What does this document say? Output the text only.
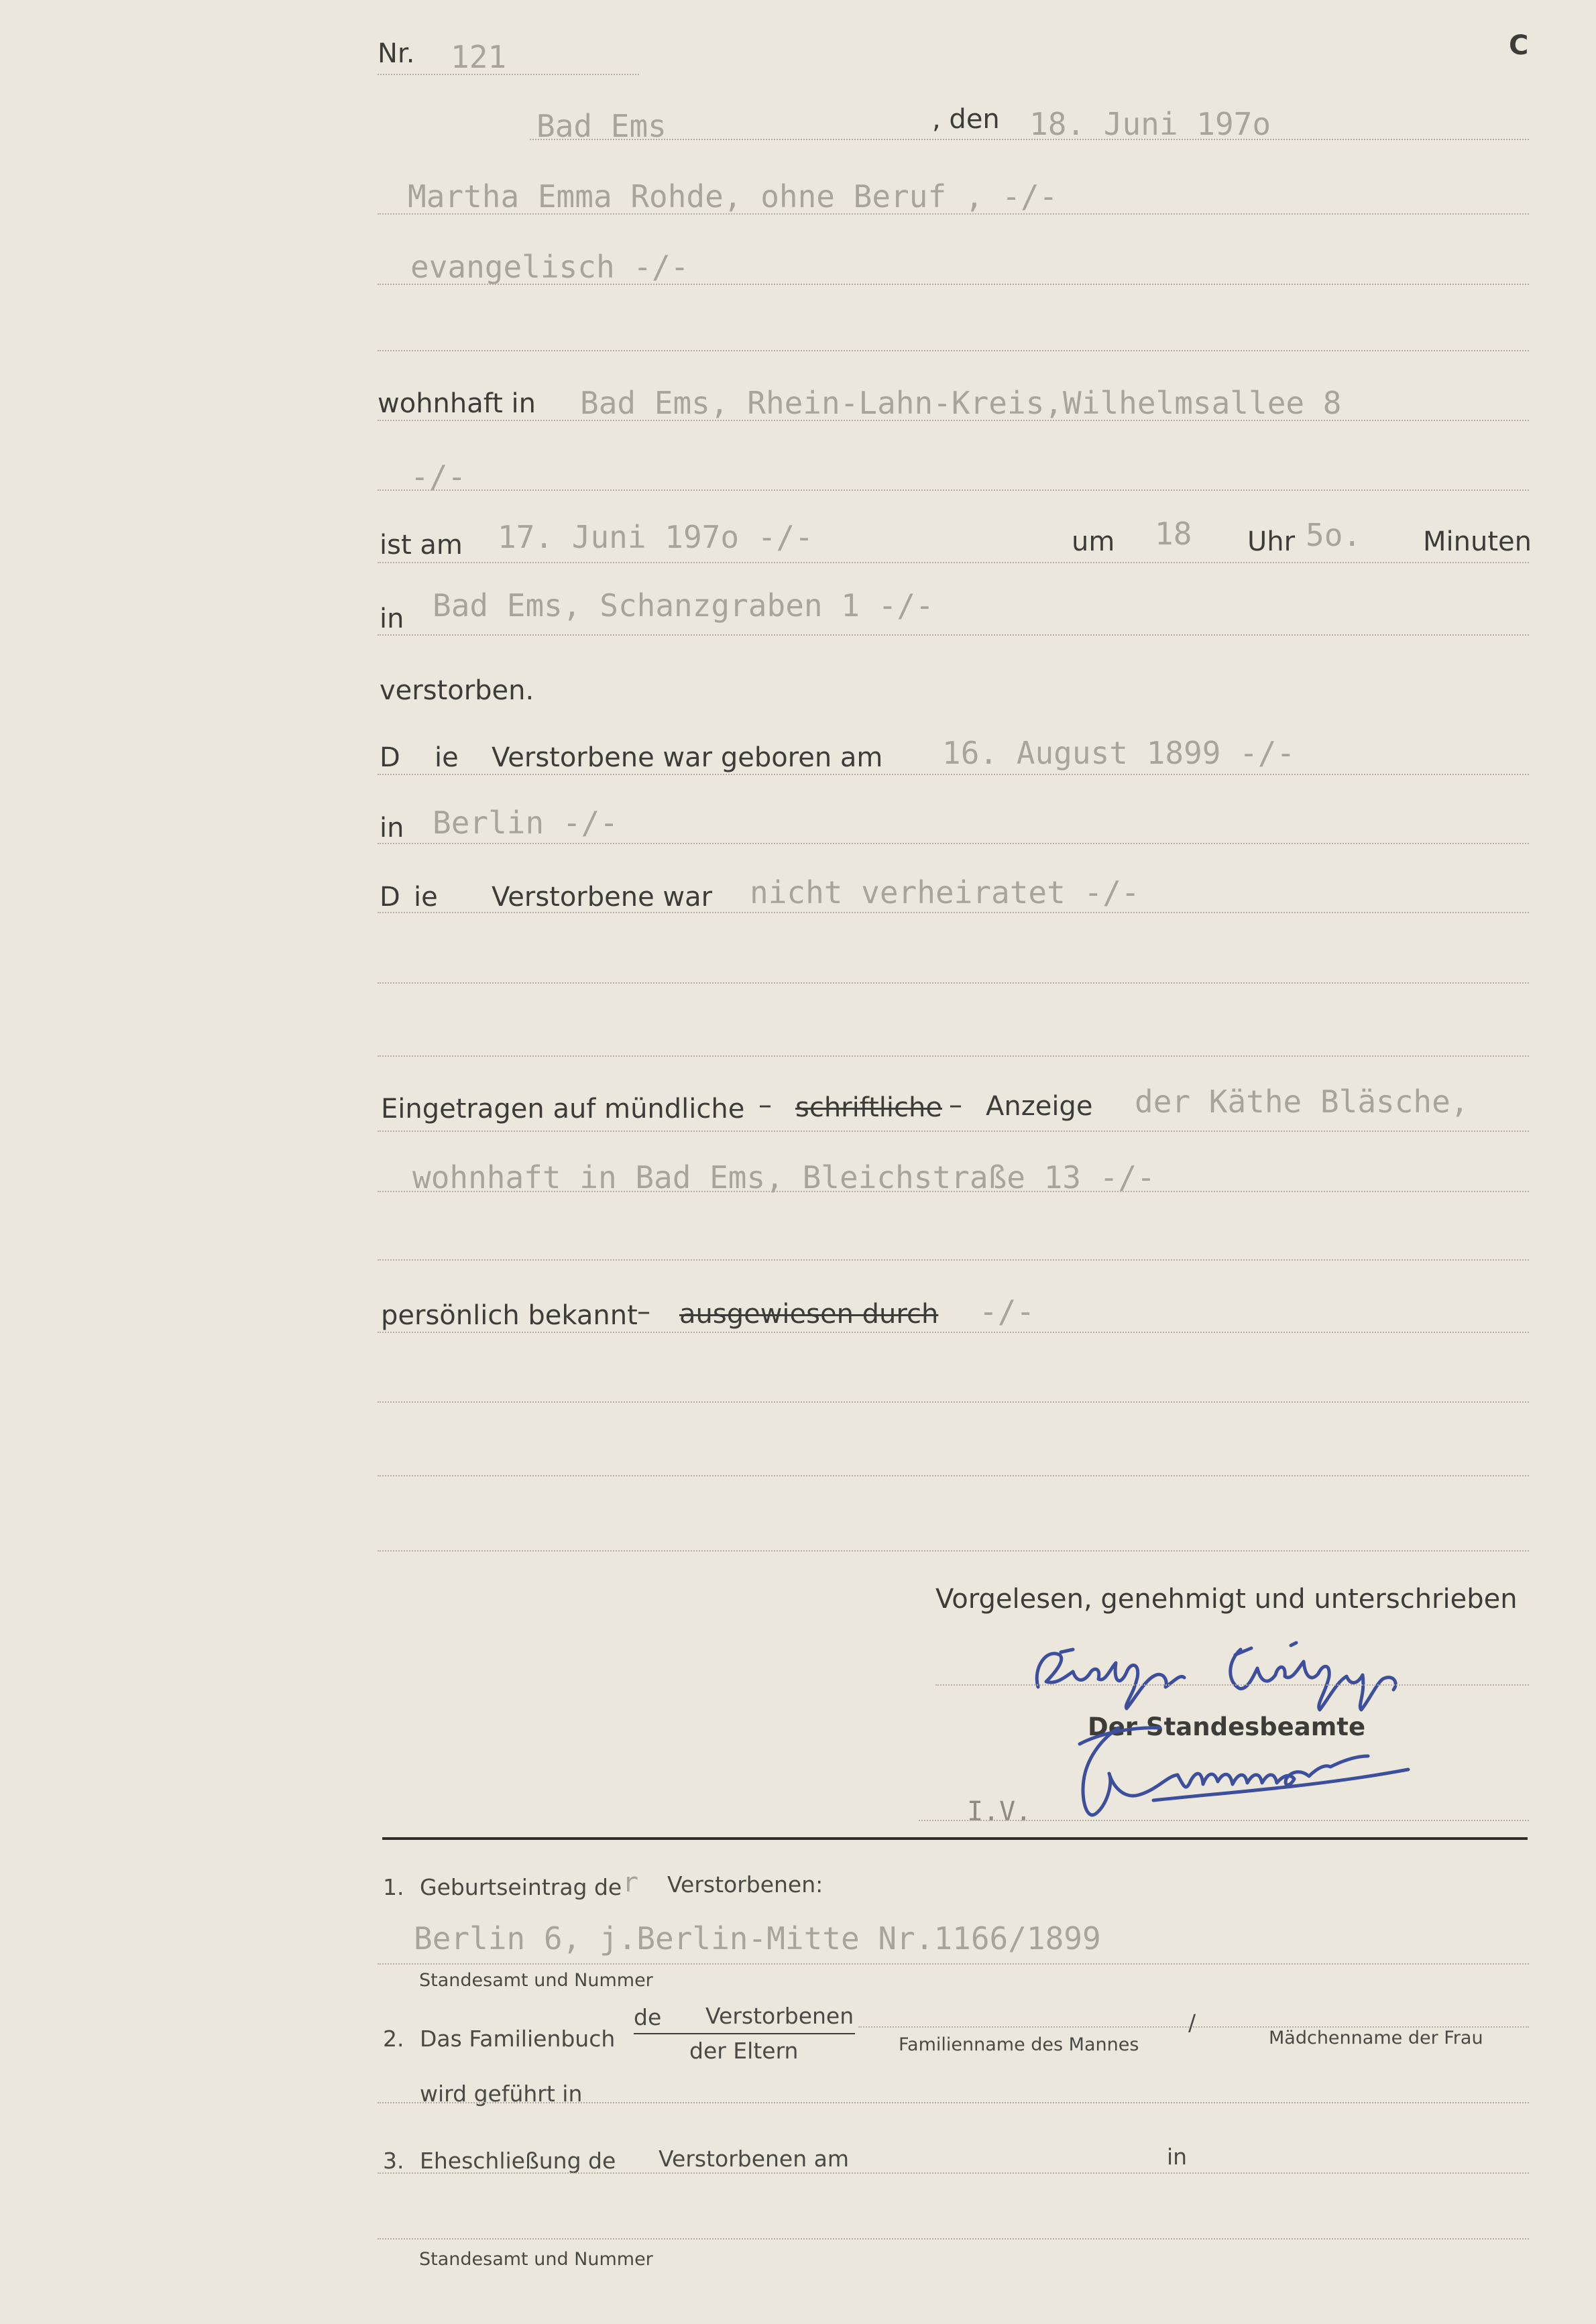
Nr. 121	C
Bad Ems	, den 18. Juni 197o
Martha Emma Rohde, ohne Beruf , -/-
evangelisch -/-
wohnhaft in Bad Ems, Rhein-Lahn-Kreis,Wilhelmsallee 8
-/-
ist am 17. Juni 197o -/-	um 18 Uhr 5o. Minuten
in Bad Ems, Schanzgraben 1 -/-
verstorben.
D ie Verstorbene war geboren am 16. August 1899 -/-
in Berlin -/-
D ie Verstorbene war nicht verheiratet -/-
Eingetragen auf mündliche – schriftliche – Anzeige der Käthe Bläsche,
wohnhaft in Bad Ems, Bleichstraße 13 -/-
persönlich bekannt – ausgewiesen durch -/-
Vorgelesen, genehmigt und unterschrieben
Der Standesbeamte
I.V.
1. Geburtseintrag de r Verstorbenen:
Berlin 6, j.Berlin-Mitte Nr.1166/1899
Standesamt und Nummer
2. Das Familienbuch
de Verstorbenen
der Eltern	Familienname des Mannes
/
Mädchenname der Frau
wird geführt in
3. Eheschließung de Verstorbenen am	in
Standesamt und Nummer
